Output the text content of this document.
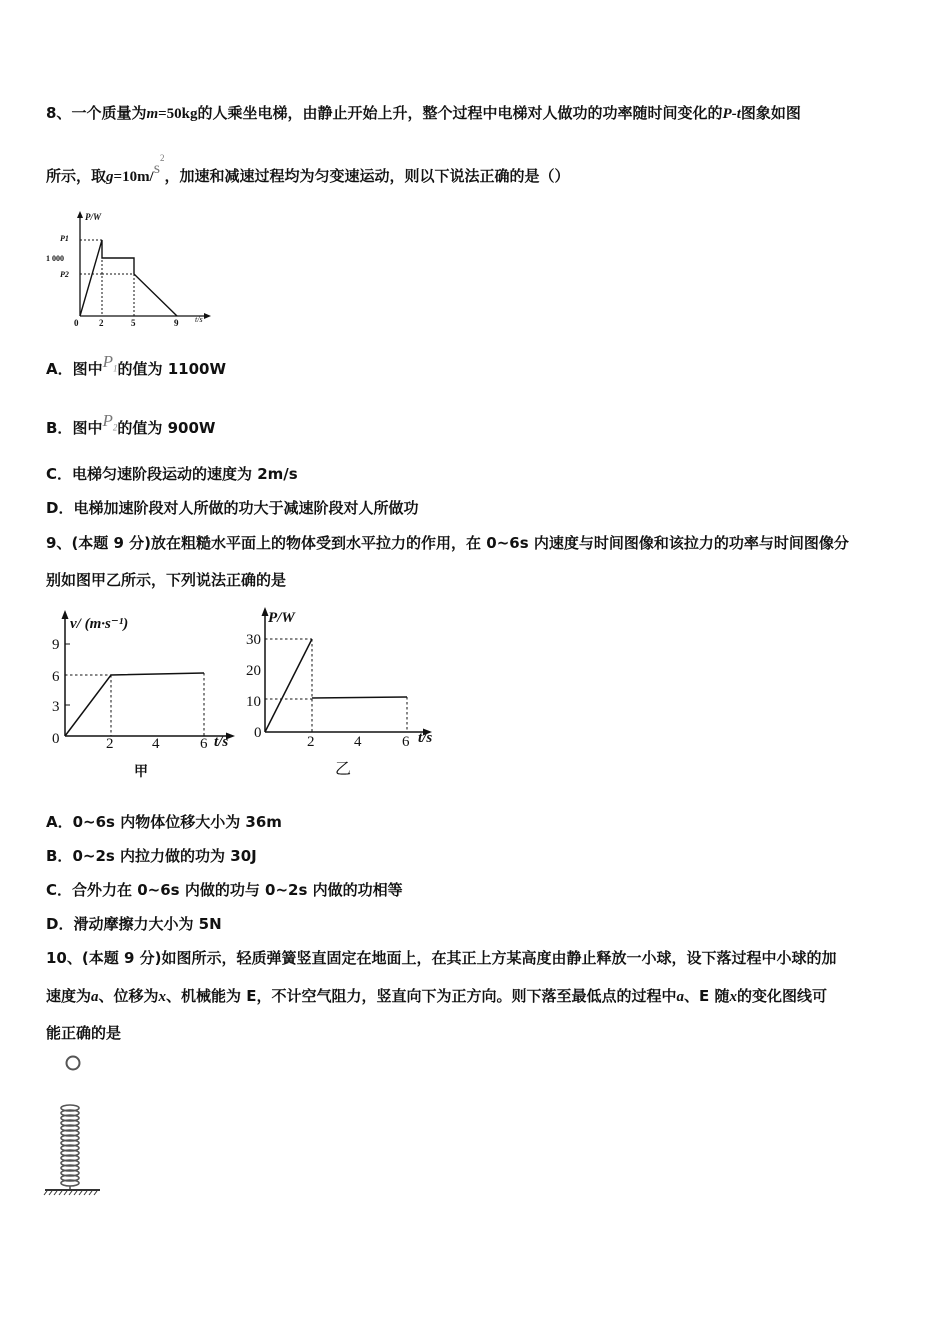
8、一个质量为m=50kg的人乘坐电梯，由静止开始上升，整个过程中电梯对人做功的功率随时间变化的P-t图象如图
所示，取$g=10m/s^2$，加速和减速过程均为匀变速运动，则以下说法正确的是（）
P/W
t/s
P1
1 000
P2
0 2	5	9
A．图中$P_1$的值为 1100W
B．图中$P_2$的值为 900W
C．电梯匀速阶段运动的速度为 2m/s
D．电梯加速阶段对人所做的功大于减速阶段对人所做功
9、(本题 9 分)放在粗糙水平面上的物体受到水平拉力的作用，在 0~6s 内速度与时间图像和该拉力的功率与时间图像分
别如图甲乙所示，下列说法正确的是
v/ (m·s⁻¹)
t/s
9
6
3
0	2	4	6
甲
P/W
t/s
30
20
10
0
2	4	6
乙
A．0~6s 内物体位移大小为 36m
B．0~2s 内拉力做的功为 30J
C．合外力在 0~6s 内做的功与 0~2s 内做的功相等
D．滑动摩擦力大小为 5N
10、(本题 9 分)如图所示，轻质弹簧竖直固定在地面上，在其正上方某高度由静止释放一小球，设下落过程中小球的加
速度为a、位移为x、机械能为 E，不计空气阻力，竖直向下为正方向。则下落至最低点的过程中a、E 随x的变化图线可
能正确的是
